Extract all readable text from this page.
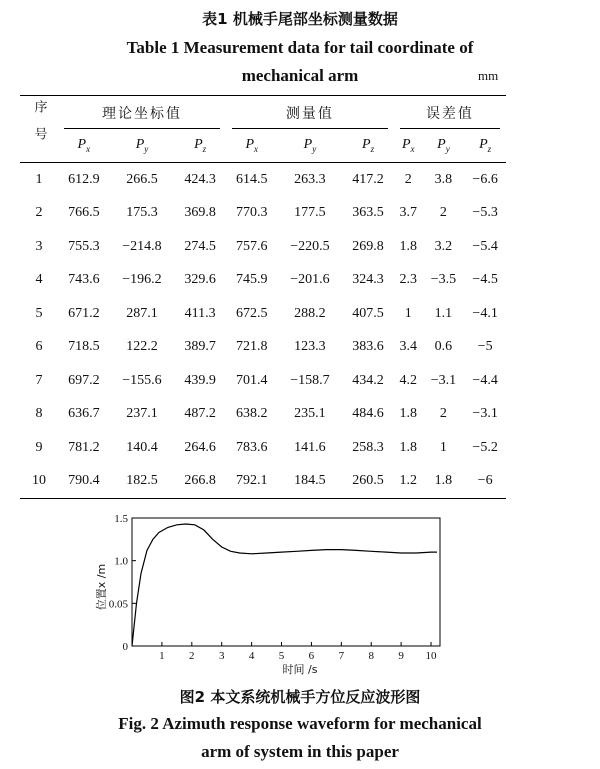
表1 机械手尾部坐标测量数据
Table 1 Measurement data for tail coordinate of
mechanical arm	mm
序号	理论坐标值			测量值			误差值		
	$P_x$	$P_y$	$P_z$	$P_x$	$P_y$	$P_z$	$P_x$	$P_y$	$P_z$
1	612.9	266.5	424.3	614.5	263.3	417.2	2	3.8	−6.6
2	766.5	175.3	369.8	770.3	177.5	363.5	3.7	2	−5.3
3	755.3	−214.8	274.5	757.6	−220.5	269.8	1.8	3.2	−5.4
4	743.6	−196.2	329.6	745.9	−201.6	324.3	2.3	−3.5	−4.5
5	671.2	287.1	411.3	672.5	288.2	407.5	1	1.1	−4.1
6	718.5	122.2	389.7	721.8	123.3	383.6	3.4	0.6	−5
7	697.2	−155.6	439.9	701.4	−158.7	434.2	4.2	−3.1	−4.4
8	636.7	237.1	487.2	638.2	235.1	484.6	1.8	2	−3.1
9	781.2	140.4	264.6	783.6	141.6	258.3	1.8	1	−5.2
10	790.4	182.5	266.8	792.1	184.5	260.5	1.2	1.8	−6
1 2 3 4 5 6 7 8 9 10
0
0.05
1.0
1.5
位置x /m
时间 /s
图2 本文系统机械手方位反应波形图
Fig. 2 Azimuth response waveform for mechanical
arm of system in this paper
